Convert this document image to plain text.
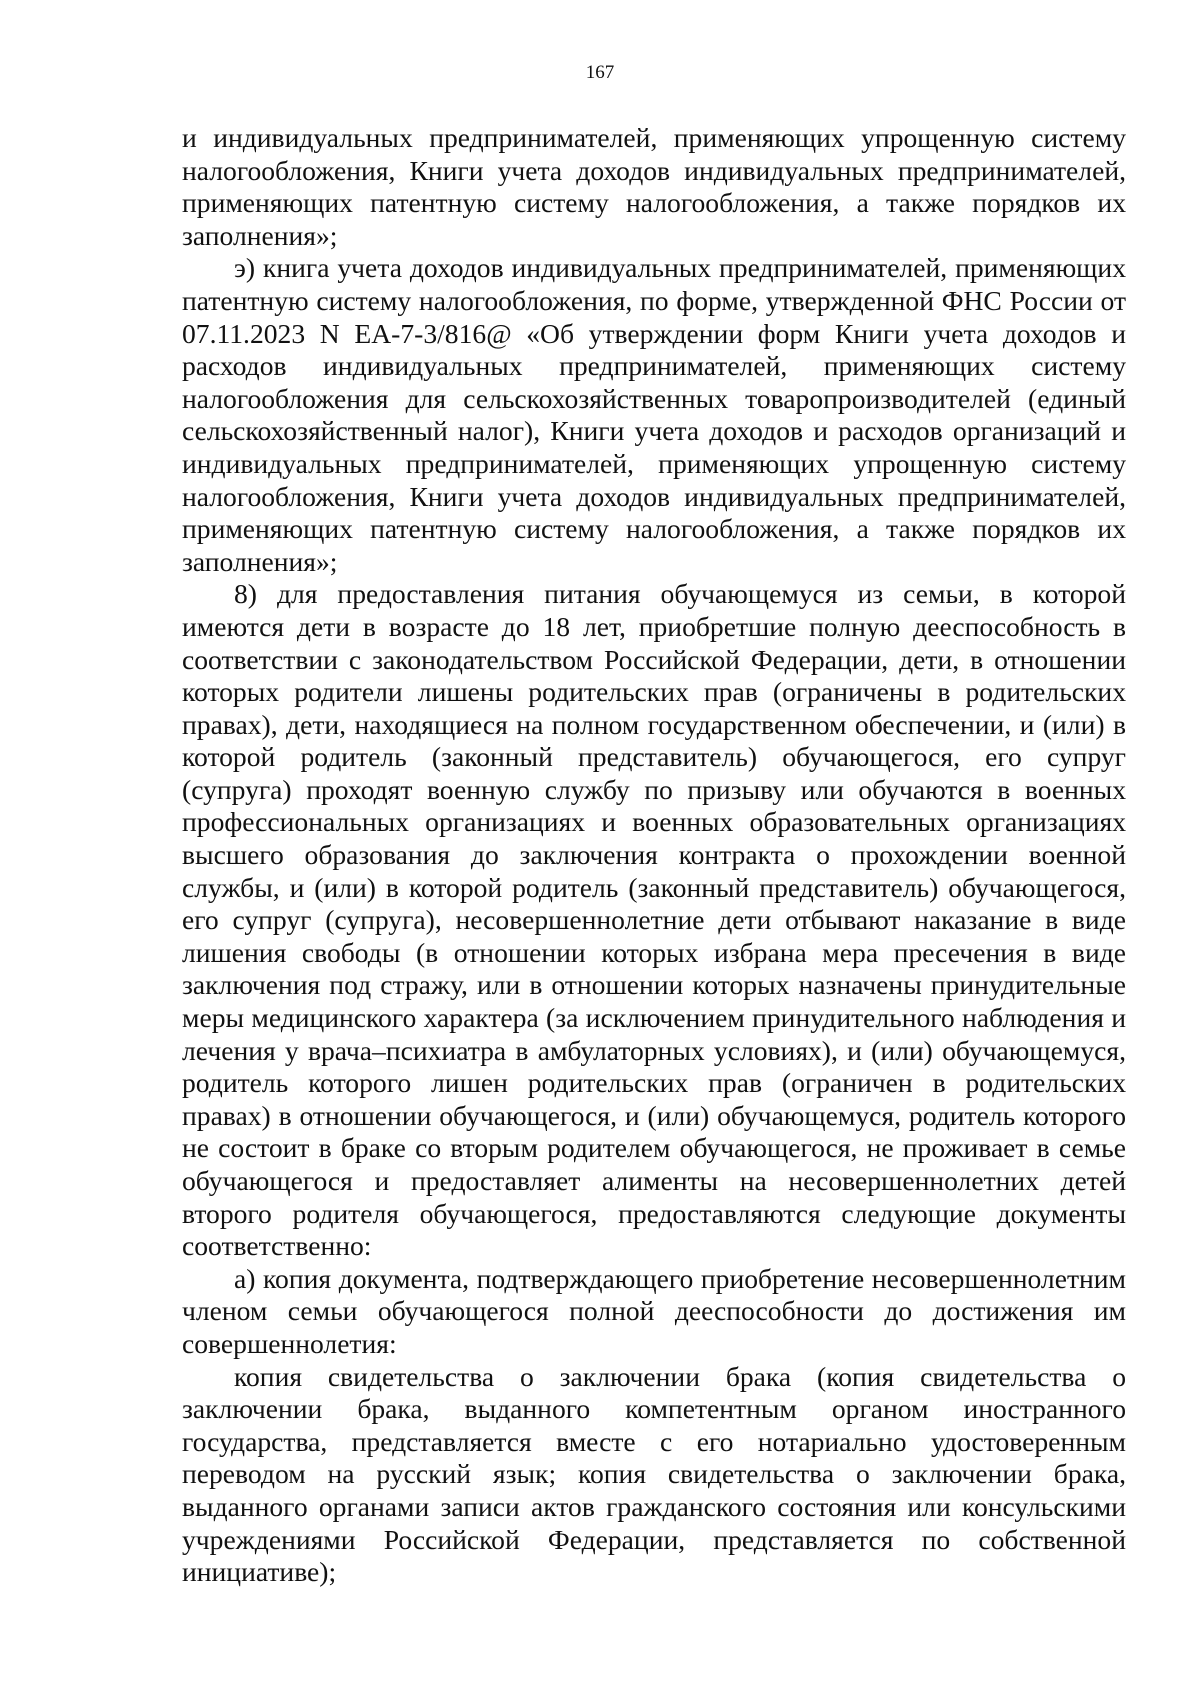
167

и индивидуальных предпринимателей, применяющих упрощенную систему налогообложения, Книги учета доходов индивидуальных предпринимателей, применяющих патентную систему налогообложения, а также порядков их заполнения»;

э) книга учета доходов индивидуальных предпринимателей, применяющих патентную систему налогообложения, по форме, утвержденной ФНС России от 07.11.2023 N ЕА-7-3/816@ «Об утверждении форм Книги учета доходов и расходов индивидуальных предпринимателей, применяющих систему налогообложения для сельскохозяйственных товаропроизводителей (единый сельскохозяйственный налог), Книги учета доходов и расходов организаций и индивидуальных предпринимателей, применяющих упрощенную систему налогообложения, Книги учета доходов индивидуальных предпринимателей, применяющих патентную систему налогообложения, а также порядков их заполнения»;

8) для предоставления питания обучающемуся из семьи, в которой имеются дети в возрасте до 18 лет, приобретшие полную дееспособность в соответствии с законодательством Российской Федерации, дети, в отношении которых родители лишены родительских прав (ограничены в родительских правах), дети, находящиеся на полном государственном обеспечении, и (или) в которой родитель (законный представитель) обучающегося, его супруг (супруга) проходят военную службу по призыву или обучаются в военных профессиональных организациях и военных образовательных организациях высшего образования до заключения контракта о прохождении военной службы, и (или) в которой родитель (законный представитель) обучающегося, его супруг (супруга), несовершеннолетние дети отбывают наказание в виде лишения свободы (в отношении которых избрана мера пресечения в виде заключения под стражу, или в отношении которых назначены принудительные меры медицинского характера (за исключением принудительного наблюдения и лечения у врача–психиатра в амбулаторных условиях), и (или) обучающемуся, родитель которого лишен родительских прав (ограничен в родительских правах) в отношении обучающегося, и (или) обучающемуся, родитель которого не состоит в браке со вторым родителем обучающегося, не проживает в семье обучающегося и предоставляет алименты на несовершеннолетних детей второго родителя обучающегося, предоставляются следующие документы соответственно:

а) копия документа, подтверждающего приобретение несовершеннолетним членом семьи обучающегося полной дееспособности до достижения им совершеннолетия:

копия свидетельства о заключении брака (копия свидетельства о заключении брака, выданного компетентным органом иностранного государства, представляется вместе с его нотариально удостоверенным переводом на русский язык; копия свидетельства о заключении брака, выданного органами записи актов гражданского состояния или консульскими учреждениями Российской Федерации, представляется по собственной инициативе);
